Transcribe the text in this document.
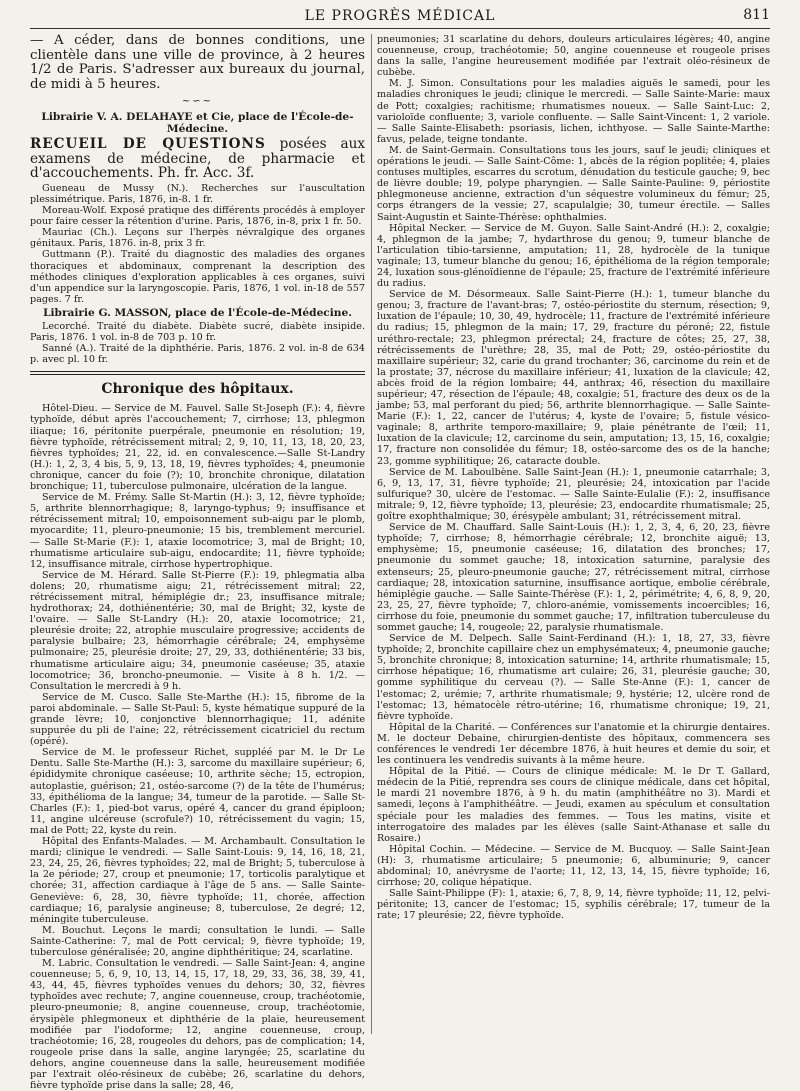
LE PROGRÈS MÉDICAL	811

— A céder, dans de bonnes conditions, une clientèle dans une ville de province, à 2 heures 1/2 de Paris. S'adresser aux bureaux du journal, de midi à 5 heures.

~∽~
Librairie V. A. DELAHAYE et Cie, place de l'École-de-Médecine.

RECUEIL DE QUESTIONS posées aux examens de médecine, de pharmacie et d'accouchements. Ph. fr. Acc. 3f.

Gueneau de Mussy (N.). Recherches sur l'auscultation plessimétrique. Paris, 1876, in-8. 1 fr.

Moreau-Wolf. Exposé pratique des différents procédés à employer pour faire cesser la rétention d'urine. Paris, 1876, in-8, prix 1 fr. 50.

Mauriac (Ch.). Leçons sur l'herpès névralgique des organes génitaux. Paris, 1876. in-8, prix 3 fr.

Guttmann (P.). Traité du diagnostic des maladies des organes thoraciques et abdominaux, comprenant la description des méthodes cliniques d'exploration applicables à ces organes, suivi d'un appendice sur la laryngoscopie. Paris, 1876, 1 vol. in-18 de 557 pages. 7 fr.

Librairie G. MASSON, place de l'École-de-Médecine.

Lecorché. Traité du diabète. Diabète sucré, diabète insipide. Paris, 1876. 1 vol. in-8 de 703 p. 10 fr.

Sanné (A.). Traité de la diphthérie. Paris, 1876. 2 vol. in-8 de 634 p. avec pl. 10 fr.

Chronique des hôpitaux.

Hôtel-Dieu. — Service de M. Fauvel. Salle St-Joseph (F.): 4, fièvre typhoïde, début après l'accouchement; 7, cirrhose; 13, phlegmon iliaque; 16, péritonite puerpérale, pneumonie en résolution; 19, fièvre typhoïde, rétrécissement mitral; 2, 9, 10, 11, 13, 18, 20, 23, fièvres typhoïdes; 21, 22, id. en convalescence.—Salle St-Landry (H.): 1, 2, 3, 4 bis, 5, 9, 13, 18, 19, fièvres typhoïdes; 4, pneumonie chronique, cancer du foie (?); 10, bronchite chronique, dilatation bronchique; 11, tuberculose pulmonaire, ulcération de la langue.

Service de M. Frémy. Salle St-Martin (H.): 3, 12, fièvre typhoïde; 5, arthrite blennorrhagique; 8, laryngo-typhus; 9; insuffisance et rétrécissement mitral; 10, empoisonnement sub-aigu par le plomb, myocardite; 11, pleuro-pneumonie; 15 bis, tremblement mercuriel. — Salle St-Marie (F.): 1, ataxie locomotrice; 3, mal de Bright; 10, rhumatisme articulaire sub-aigu, endocardite; 11, fièvre typhoïde; 12, insuffisance mitrale, cirrhose hypertrophique.

Service de M. Hérard. Salle St-Pierre (F.): 19, phlegmatia alba dolens; 20, rhumatisme aigu; 21, rétrécissement mitral; 22, rétrécissement mitral, hémiplégie dr.; 23, insuffisance mitrale; hydrothorax; 24, dothiénentérie; 30, mal de Bright; 32, kyste de l'ovaire. — Salle St-Landry (H.): 20, ataxie locomotrice; 21, pleurésie droite; 22, atrophie musculaire progressive; accidents de paralysie bulbaire; 23, hémorrhagie cérébrale; 24, emphysème pulmonaire; 25, pleurésie droite; 27, 29, 33, dothiénentérie; 33 bis, rhumatisme articulaire aigu; 34, pneumonie caséeuse; 35, ataxie locomotrice; 36, broncho-pneumonie. — Visite à 8 h. 1/2. — Consultation le mercredi à 9 h.

Service de M. Cusco. Salle Ste-Marthe (H.): 15, fibrome de la paroi abdominale. — Salle St-Paul: 5, kyste hématique suppuré de la grande lèvre; 10, conjonctive blennorrhagique; 11, adénite suppurée du pli de l'aine; 22, rétrécissement cicatriciel du rectum (opéré).

Service de M. le professeur Richet, suppléé par M. le Dr Le Dentu. Salle Ste-Marthe (H.): 3, sarcome du maxillaire supérieur; 6, épididymite chronique caséeuse; 10, arthrite sèche; 15, ectropion, autoplastie, guérison; 21, ostéo-sarcome (?) de la tête de l'humérus; 33, épithélioma de la langue; 34, tumeur de la parotide. — Salle St-Charles (F.): 1, pied-bot varus, opéré 4, cancer du grand épiploon; 11, angine ulcéreuse (scrofule?) 10, rétrécissement du vagin; 15, mal de Pott; 22, kyste du rein.

Hôpital des Enfants-Malades. — M. Archambault. Consultation le mardi; clinique le vendredi. — Salle Saint-Louis: 9, 14, 16, 18, 21, 23, 24, 25, 26, fièvres typhoïdes; 22, mal de Bright; 5, tuberculose à la 2e période; 27, croup et pneumonie; 17, torticolis paralytique et chorée; 31, affection cardiaque à l'âge de 5 ans. — Salle Sainte-Geneviève: 6, 28, 30, fièvre typhoïde; 11, chorée, affection cardiaque; 16, paralysie angineuse; 8, tuberculose, 2e degré; 12, méningite tuberculeuse.

M. Bouchut. Leçons le mardi; consultation le lundi. — Salle Sainte-Catherine: 7, mal de Pott cervical; 9, fièvre typhoïde; 19, tuberculose généralisée; 20, angine diphthéritique; 24, scarlatine.

M. Labric. Consultation le vendredi. — Salle Saint-Jean: 4, angine couenneuse; 5, 6, 9, 10, 13, 14, 15, 17, 18, 29, 33, 36, 38, 39, 41, 43, 44, 45, fièvres typhoïdes venues du dehors; 30, 32, fièvres typhoïdes avec rechute; 7, angine couenneuse, croup, trachéotomie, pleuro-pneumonie; 8, angine couenneuse, croup, trachéotomie, érysipèle phlegmoneux et diphthérie de la plaie, heureusement modifiée par l'iodoforme; 12, angine couenneuse, croup, trachéotomie; 16, 28, rougeoles du dehors, pas de complication; 14, rougeole prise dans la salle, angine laryngée; 25, scarlatine du dehors, angine couenneuse dans la salle, heureusement modifiée par l'extrait oléo-résineux de cubèbe; 26, scarlatine du dehors, fièvre typhoïde prise dans la salle; 28, 46,

pneumonies; 31 scarlatine du dehors, douleurs articulaires légères; 40, angine couenneuse, croup, trachéotomie; 50, angine couenneuse et rougeole prises dans la salle, l'angine heureusement modifiée par l'extrait oléo-résineux de cubèbe.

M. J. Simon. Consultations pour les maladies aiguës le samedi, pour les maladies chroniques le jeudi; clinique le mercredi. — Salle Sainte-Marie: maux de Pott; coxalgies; rachitisme; rhumatismes noueux. — Salle Saint-Luc: 2, varioloïde confluente; 3, variole confluente. — Salle Saint-Vincent: 1, 2 variole. — Salle Sainte-Elisabeth: psoriasis, lichen, ichthyose. — Salle Sainte-Marthe: favus, pelade, teigne tondante.

M. de Saint-Germain. Consultations tous les jours, sauf le jeudi; cliniques et opérations le jeudi. — Salle Saint-Côme: 1, abcès de la région poplitée; 4, plaies contuses multiples, escarres du scrotum, dénudation du testicule gauche; 9, bec de lièvre double; 19, polype pharyngien. — Salle Sainte-Pauline: 9, périostite phlegmoneuse ancienne, extraction d'un séquestre volumineux du fémur; 25, corps étrangers de la vessie; 27, scapulalgie; 30, tumeur érectile. — Salles Saint-Augustin et Sainte-Thérèse: ophthalmies.

Hôpital Necker. — Service de M. Guyon. Salle Saint-André (H.): 2, coxalgie; 4, phlegmon de la jambe; 7, hydarthrose du genou; 9, tumeur blanche de l'articulation tibio-tarsienne, amputation; 11, 28, hydrocèle de la tunique vaginale; 13, tumeur blanche du genou; 16, épithélioma de la région temporale; 24, luxation sous-glénoïdienne de l'épaule; 25, fracture de l'extrémité inférieure du radius.

Service de M. Désormeaux. Salle Saint-Pierre (H.): 1, tumeur blanche du genou; 3, fracture de l'avant-bras; 7, ostéo-périostite du sternum, résection; 9, luxation de l'épaule; 10, 30, 49, hydrocèle; 11, fracture de l'extrémité inférieure du radius; 15, phlegmon de la main; 17, 29, fracture du péroné; 22, fistule uréthro-rectale; 23, phlegmon prérectal; 24, fracture de côtes; 25, 27, 38, rétrécissements de l'urèthre; 28, 35, mal de Pott; 29, ostéo-périostite du maxillaire supérieur; 32, carie du grand trochanter; 36, carcinome du rein et de la prostate; 37, nécrose du maxillaire inférieur; 41, luxation de la clavicule; 42, abcès froid de la région lombaire; 44, anthrax; 46, résection du maxillaire supérieur; 47, résection de l'épaule; 48, coxalgie; 51, fracture des deux os de la jambe; 53, mal perforant du pied; 56, arthrite blennorrhagique. — Salle Sainte-Marie (F.): 1, 22, cancer de l'utérus; 4, kyste de l'ovaire; 5, fistule vésico-vaginale; 8, arthrite temporo-maxillaire; 9, plaie pénétrante de l'œil; 11, luxation de la clavicule; 12, carcinome du sein, amputation; 13, 15, 16, coxalgie; 17, fracture non consolidée du fémur; 18, ostéo-sarcome des os de la hanche; 23, gomme syphilitique; 26, cataracte double.

Service de M. Laboulbène. Salle Saint-Jean (H.): 1, pneumonie catarrhale; 3, 6, 9, 13, 17, 31, fièvre typhoïde; 21, pleurésie; 24, intoxication par l'acide sulfurique? 30, ulcère de l'estomac. — Salle Sainte-Eulalie (F.): 2, insuffisance mitrale; 9, 12, fièvre typhoïde; 13, pleurésie; 23, endocardite rhumatismale; 25, goître exophthalmique; 30, érésypèle ambulant; 31, rétrécissement mitral.

Service de M. Chauffard. Salle Saint-Louis (H.): 1, 2, 3, 4, 6, 20, 23, fièvre typhoïde; 7, cirrhose; 8, hémorrhagie cérébrale; 12, bronchite aiguë; 13, emphysème; 15, pneumonie caséeuse; 16, dilatation des bronches; 17, pneumonie du sommet gauche; 18, intoxication saturnine, paralysie des extenseurs; 25, pleuro-pneumonie gauche; 27, rétrécissement mitral, cirrhose cardiaque; 28, intoxication saturnine, insuffisance aortique, embolie cérébrale, hémiplégie gauche. — Salle Sainte-Thérèse (F.): 1, 2, périmétrite; 4, 6, 8, 9, 20, 23, 25, 27, fièvre typhoïde; 7, chloro-anémie, vomissements incoercibles; 16, cirrhose du foie, pneumonie du sommet gauche; 17, infiltration tuberculeuse du sommet gauche; 14, rougeole; 22, paralysie rhumatismale.

Service de M. Delpech. Salle Saint-Ferdinand (H.): 1, 18, 27, 33, fièvre typhoïde; 2, bronchite capillaire chez un emphysémateux; 4, pneumonie gauche; 5, bronchite chronique; 8, intoxication saturnine; 14, arthrite rhumatismale; 15, cirrhose hépatique; 16, rhumatisme art culaire; 26, 31, pleurésie gauche; 30, gomme syphilitique du cerveau (?). — Salle Ste-Anne (F.): 1, cancer de l'estomac; 2, urémie; 7, arthrite rhumatismale; 9, hystérie; 12, ulcère rond de l'estomac; 13, hématocèle rétro-utérine; 16, rhumatisme chronique; 19, 21, fièvre typhoïde.

Hôpital de la Charité. — Conférences sur l'anatomie et la chirurgie dentaires. M. le docteur Debaine, chirurgien-dentiste des hôpitaux, commencera ses conférences le vendredi 1er décembre 1876, à huit heures et demie du soir, et les continuera les vendredis suivants à la même heure.

Hôpital de la Pitié. — Cours de clinique médicale: M. le Dr T. Gallard, médecin de la Pitié, reprendra ses cours de clinique médicale, dans cet hôpital, le mardi 21 novembre 1876, à 9 h. du matin (amphithéâtre no 3). Mardi et samedi, leçons à l'amphithéâtre. — Jeudi, examen au spéculum et consultation spéciale pour les maladies des femmes. — Tous les matins, visite et interrogatoire des malades par les élèves (salle Saint-Athanase et salle du Rosaire.)

Hôpital Cochin. — Médecine. — Service de M. Bucquoy. — Salle Saint-Jean (H): 3, rhumatisme articulaire; 5 pneumonie; 6, albuminurie; 9, cancer abdominal; 10, anévrysme de l'aorte; 11, 12, 13, 14, 15, fièvre typhoïde; 16, cirrhose; 20, colique hépatique.

Salle Saint-Philippe (F): 1, ataxie; 6, 7, 8, 9, 14, fièvre typhoïde; 11, 12, pelvi-péritonite; 13, cancer de l'estomac; 15, syphilis cérébrale; 17, tumeur de la rate; 17 pleurésie; 22, fièvre typhoïde.
